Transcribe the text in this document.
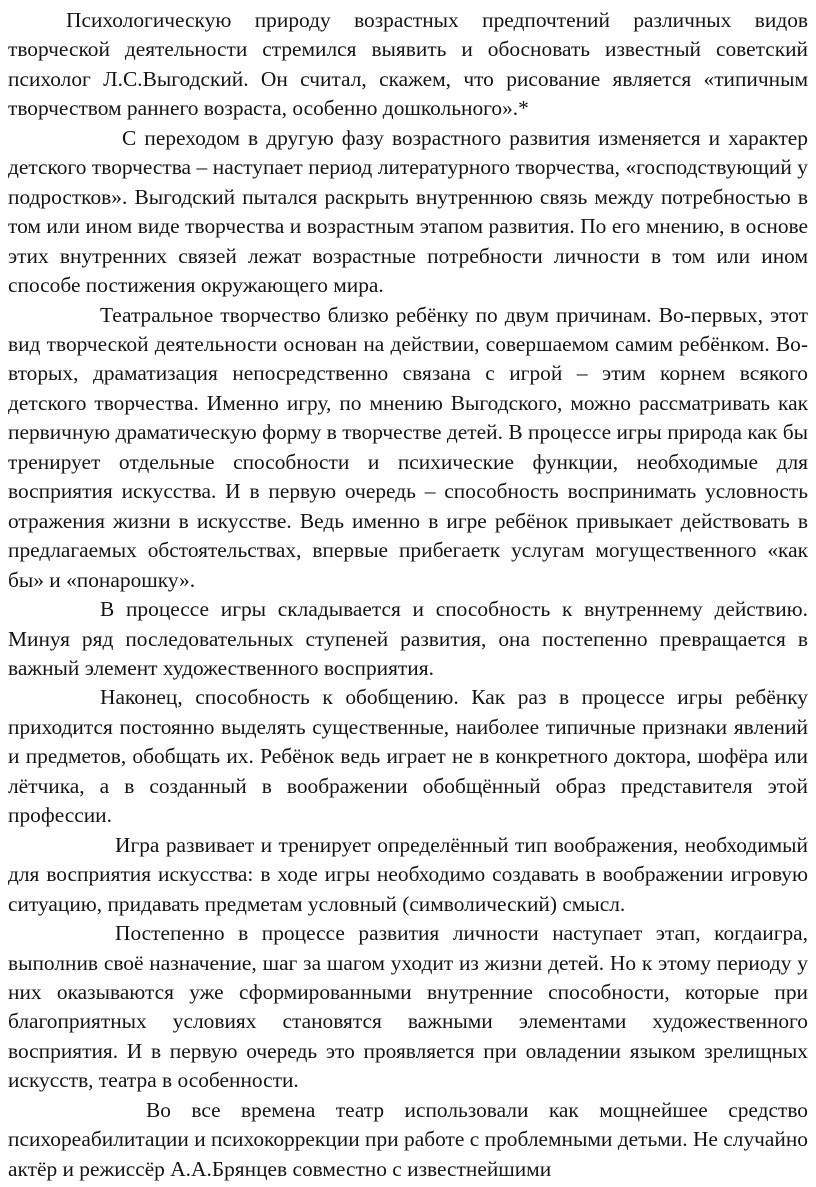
Психологическую природу возрастных предпочтений различных видов творческой деятельности стремился выявить и обосновать известный советский психолог Л.С.Выгодский. Он считал, скажем, что рисование является «типичным творчеством раннего возраста, особенно дошкольного».*

С переходом в другую фазу возрастного развития изменяется и характер детского творчества – наступает период литературного творчества, «господствующий у подростков». Выгодский пытался раскрыть внутреннюю связь между потребностью в том или ином виде творчества и возрастным этапом развития. По его мнению, в основе этих внутренних связей лежат возрастные потребности личности в том или ином способе постижения окружающего мира.

Театральное творчество близко ребёнку по двум причинам. Во-первых, этот вид творческой деятельности основан на действии, совершаемом самим ребёнком. Во-вторых, драматизация непосредственно связана с игрой – этим корнем всякого детского творчества. Именно игру, по мнению Выгодского, можно рассматривать как первичную драматическую форму в творчестве детей. В процессе игры природа как бы тренирует отдельные способности и психические функции, необходимые для восприятия искусства. И в первую очередь – способность воспринимать условность отражения жизни в искусстве. Ведь именно в игре ребёнок привыкает действовать в предлагаемых обстоятельствах, впервые прибегаетк услугам могущественного «как бы» и «понарошку».

В процессе игры складывается и способность к внутреннему действию. Минуя ряд последовательных ступеней развития, она постепенно превращается в важный элемент художественного восприятия.

Наконец, способность к обобщению. Как раз в процессе игры ребёнку приходится постоянно выделять существенные, наиболее типичные признаки явлений и предметов, обобщать их. Ребёнок ведь играет не в конкретного доктора, шофёра или лётчика, а в созданный в воображении обобщённый образ представителя этой профессии.

Игра развивает и тренирует определённый тип воображения, необходимый для восприятия искусства: в ходе игры необходимо создавать в воображении игровую ситуацию, придавать предметам условный (символический) смысл.

Постепенно в процессе развития личности наступает этап, когдаигра, выполнив своё назначение, шаг за шагом уходит из жизни детей. Но к этому периоду у них оказываются уже сформированными внутренние способности, которые при благоприятных условиях становятся важными элементами художественного восприятия. И в первую очередь это проявляется при овладении языком зрелищных искусств, театра в особенности.

Во все времена театр использовали как мощнейшее средство психореабилитации и психокоррекции при работе с проблемными детьми. Не случайно актёр и режиссёр А.А.Брянцев совместно с известнейшими
